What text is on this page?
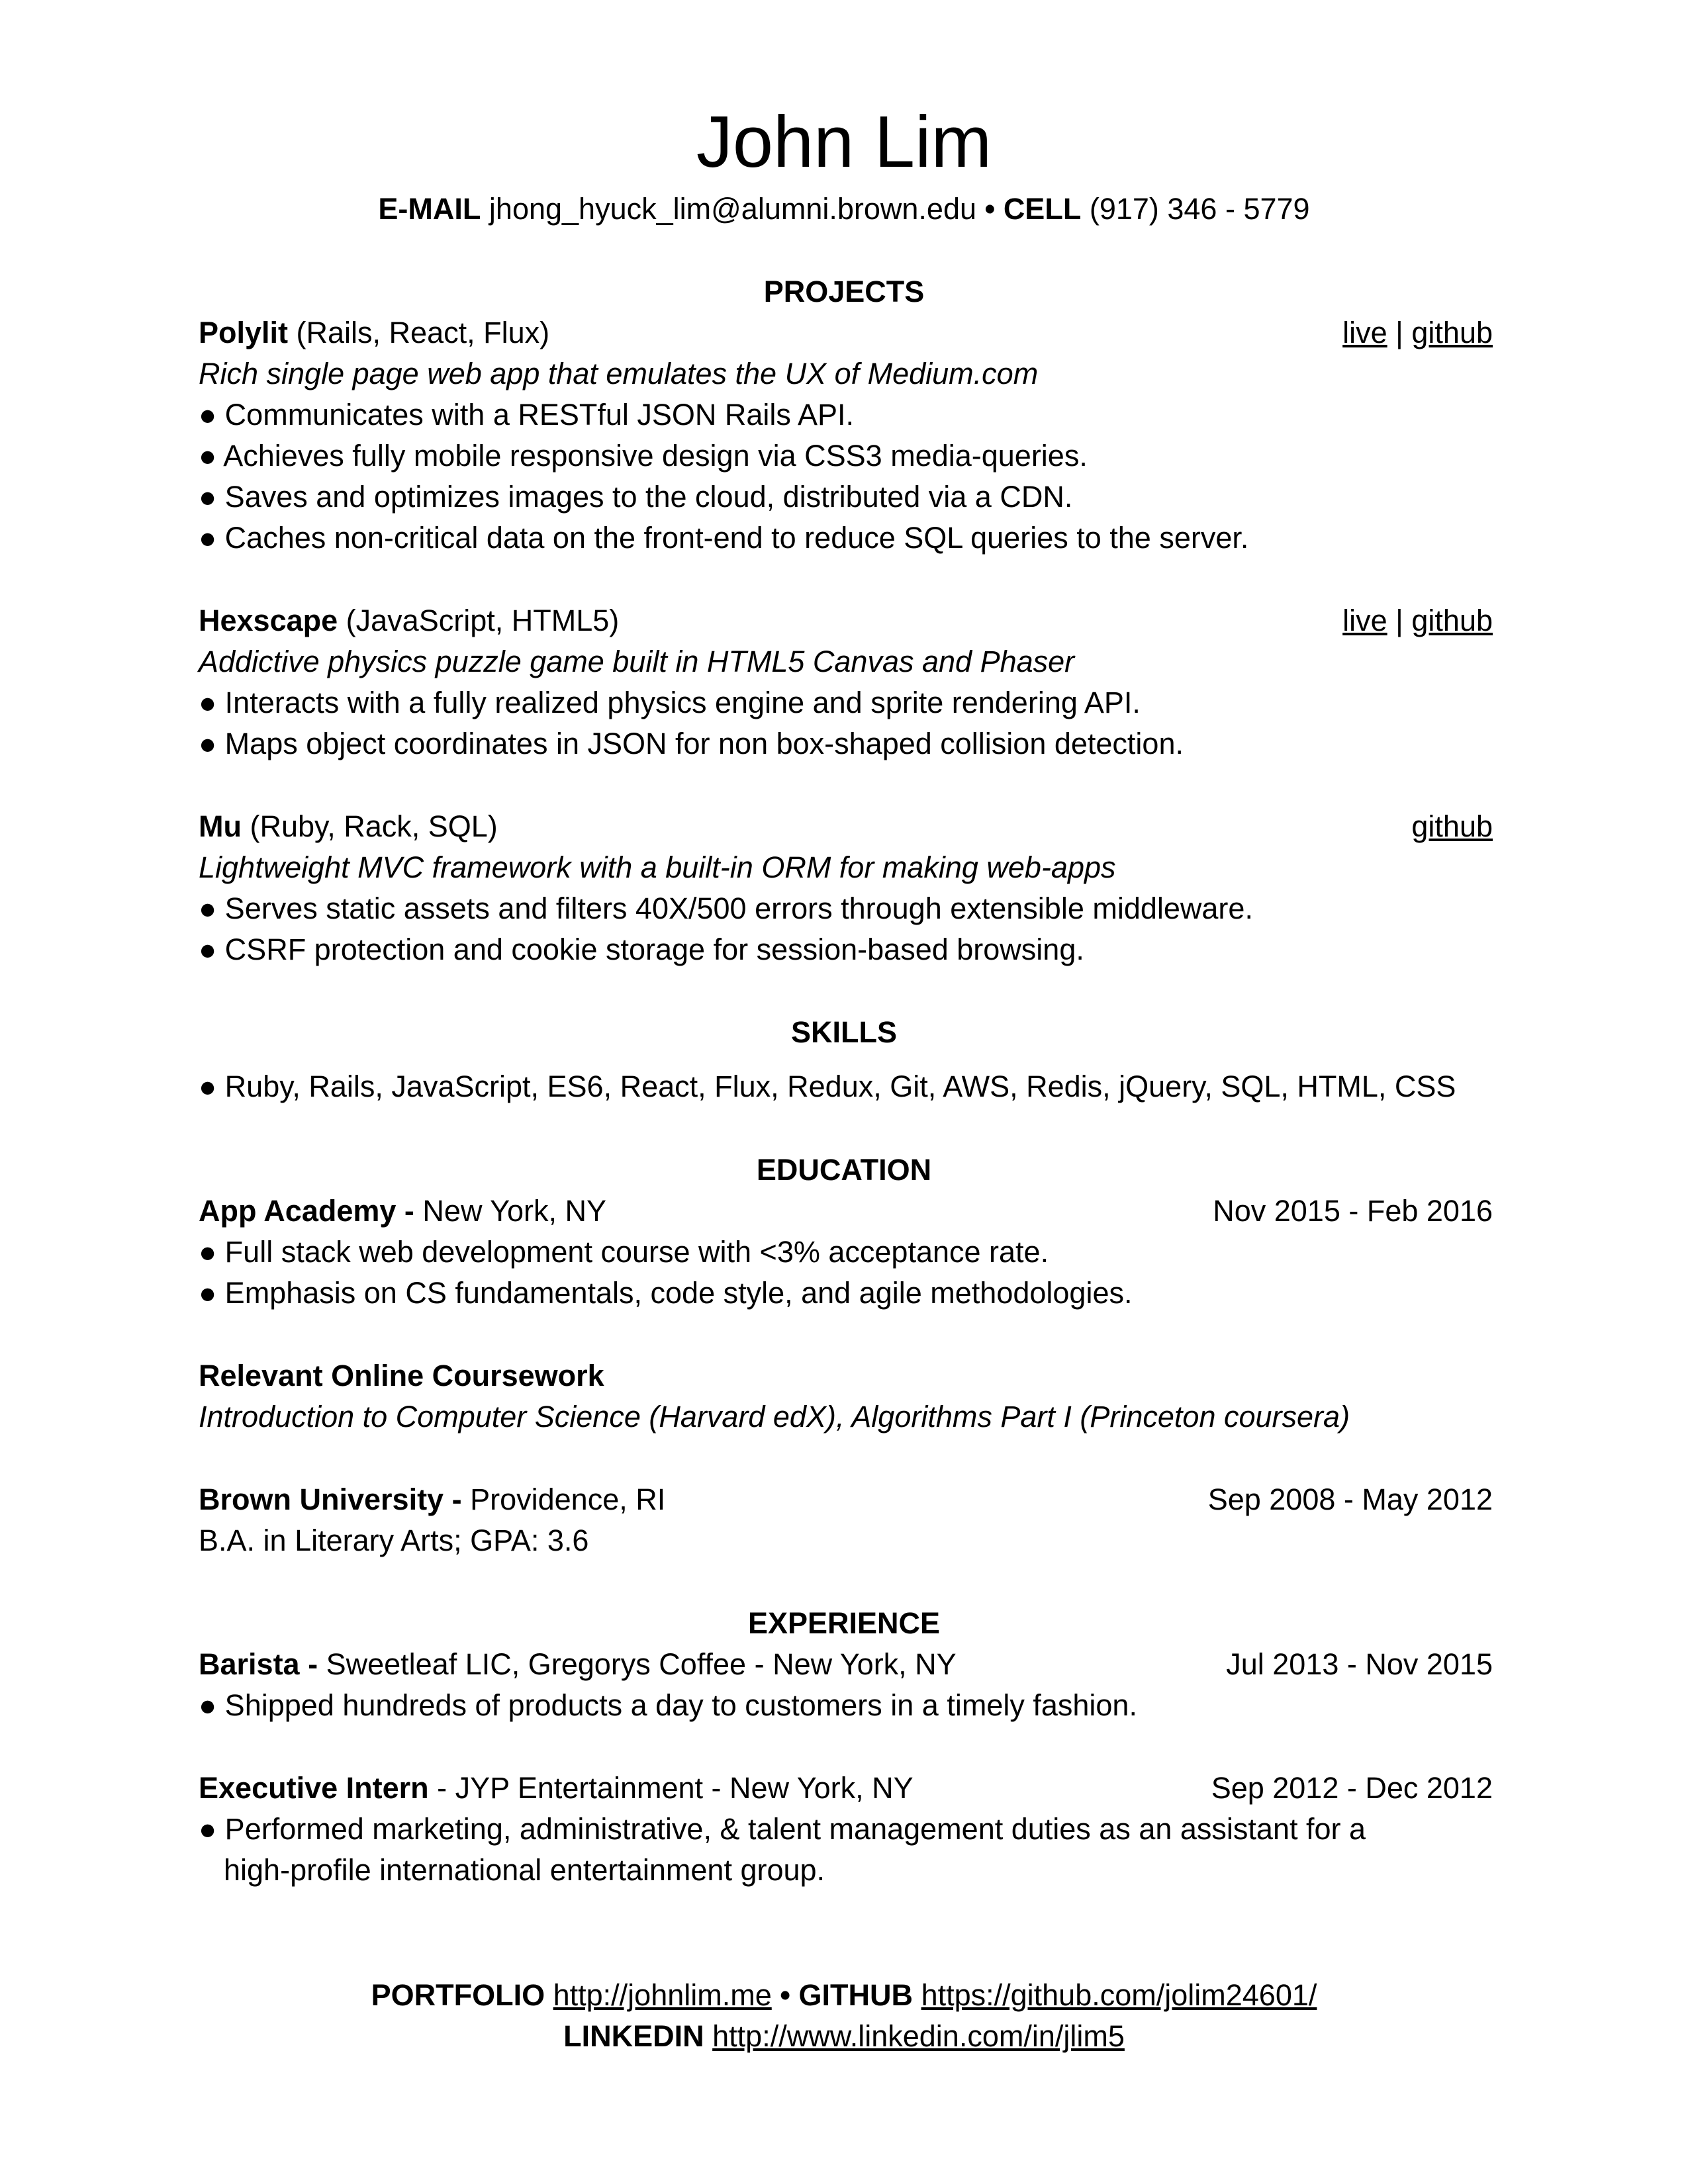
John Lim
E-MAIL jhong_hyuck_lim@alumni.brown.edu • CELL (917) 346 - 5779
PROJECTS
Polylit (Rails, React, Flux)	live | github
Rich single page web app that emulates the UX of Medium.com
● Communicates with a RESTful JSON Rails API.
● Achieves fully mobile responsive design via CSS3 media-queries.
● Saves and optimizes images to the cloud, distributed via a CDN.
● Caches non-critical data on the front-end to reduce SQL queries to the server.
Hexscape (JavaScript, HTML5)	live | github
Addictive physics puzzle game built in HTML5 Canvas and Phaser
● Interacts with a fully realized physics engine and sprite rendering API.
● Maps object coordinates in JSON for non box-shaped collision detection.
Mu (Ruby, Rack, SQL)	github
Lightweight MVC framework with a built-in ORM for making web-apps
● Serves static assets and filters 40X/500 errors through extensible middleware.
● CSRF protection and cookie storage for session-based browsing.
SKILLS
● Ruby, Rails, JavaScript, ES6, React, Flux, Redux, Git, AWS, Redis, jQuery, SQL, HTML, CSS
EDUCATION
App Academy - New York, NY	Nov 2015 - Feb 2016
● Full stack web development course with <3% acceptance rate.
● Emphasis on CS fundamentals, code style, and agile methodologies.
Relevant Online Coursework
Introduction to Computer Science (Harvard edX), Algorithms Part I (Princeton coursera)
Brown University - Providence, RI	Sep 2008 - May 2012
B.A. in Literary Arts; GPA: 3.6
EXPERIENCE
Barista - Sweetleaf LIC, Gregorys Coffee - New York, NY	Jul 2013 - Nov 2015
● Shipped hundreds of products a day to customers in a timely fashion.
Executive Intern - JYP Entertainment - New York, NY	Sep 2012 - Dec 2012
● Performed marketing, administrative, & talent management duties as an assistant for a
high-profile international entertainment group.
PORTFOLIO http://johnlim.me • GITHUB https://github.com/jolim24601/
LINKEDIN http://www.linkedin.com/in/jlim5
